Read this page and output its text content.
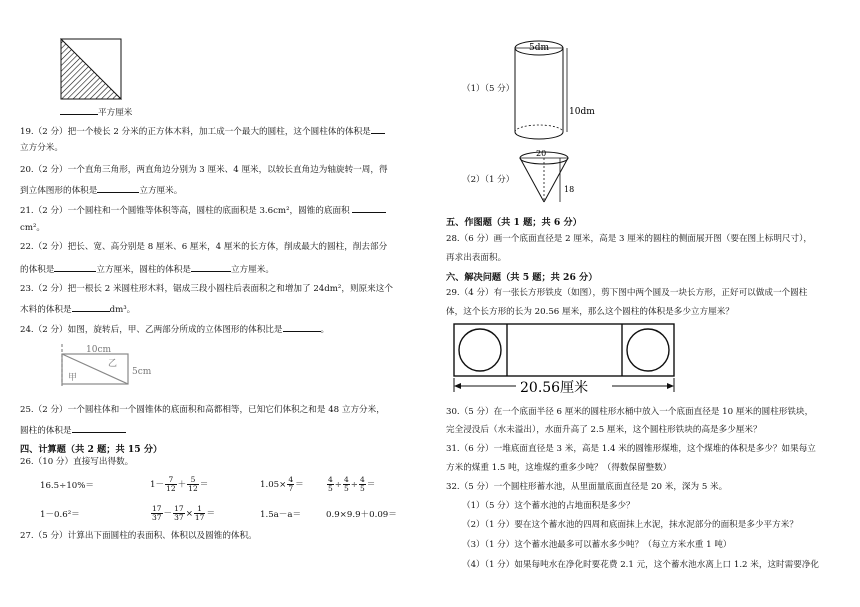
平方厘米
19.（2 分）把一个棱长 2 分米的正方体木料，加工成一个最大的圆柱，这个圆柱体的体积是
立方分米。
20.（2 分）一个直角三角形，两直角边分别为 3 厘米、4 厘米，以较长直角边为轴旋转一周，得
到立体图形的体积是	立方厘米。
21.（2 分）一个圆柱和一个圆锥等体积等高，圆柱的底面积是 3.6cm²，圆锥的底面积
cm²。
22.（2 分）把长、宽、高分别是 8 厘米、6 厘米，4 厘米的长方体，削成最大的圆柱，削去部分
的体积是	立方厘米，圆柱的体积是	立方厘米。
23.（2 分）把一根长 2 米圆柱形木料，锯成三段小圆柱后表面积之和增加了 24dm²，则原来这个
木料的体积是	dm³。
24.（2 分）如图，旋转后，甲、乙两部分所成的立体图形的体积比是	。
10cm
5cm
甲
乙
25.（2 分）一个圆柱体和一个圆锥体的底面积和高都相等，已知它们体积之和是 48 立方分米，
圆柱的体积是
四、计算题（共 2 题；共 15 分）
26.（10 分）直接写出得数。
16.5÷10%＝	$1- \frac{7}{12} + \frac{5}{12}$ ＝	$1.05\times \frac{4}{7}$ ＝	$\frac{4}{5} \div \frac{4}{5} \div \frac{4}{5}$ ＝
1－0.6²＝	$\frac{17}{37} - \frac{17}{37} \times \frac{1}{17}$ ＝	1.5a－a＝	0.9×9.9＋0.09＝
27.（5 分）计算出下面圆柱的表面积、体积以及圆锥的体积。
（1）（5 分）
5dm
10dm
（2）（1 分）
20
18
五、作图题（共 1 题；共 6 分）
28.（6 分）画一个底面直径是 2 厘米，高是 3 厘米的圆柱的侧面展开图（要在图上标明尺寸），
再求出表面积。
六、解决问题（共 5 题；共 26 分）
29.（4 分）有一张长方形铁皮（如图），剪下图中两个圆及一块长方形，正好可以做成一个圆柱
体，这个长方形的长为 20.56 厘米，那么这个圆柱的体积是多少立方厘米？
20.56厘米
30.（5 分）在一个底面半径 6 厘米的圆柱形水桶中放入一个底面直径是 10 厘米的圆柱形铁块，
完全浸没后（水未溢出），水面升高了 2.5 厘米，这个圆柱形铁块的高是多少厘米？
31.（6 分）一堆底面直径是 3 米，高是 1.4 米的圆锥形煤堆，这个煤堆的体积是多少？如果每立
方米的煤重 1.5 吨，这堆煤约重多少吨？（得数保留整数）
32.（5 分）一个圆柱形蓄水池，从里面量底面直径是 20 米，深为 5 米。
（1）（5 分）这个蓄水池的占地面积是多少？
（2）（1 分）要在这个蓄水池的四周和底面抹上水泥，抹水泥部分的面积是多少平方米？
（3）（1 分）这个蓄水池最多可以蓄水多少吨？（每立方米水重 1 吨）
（4）（1 分）如果每吨水在净化时要花费 2.1 元，这个蓄水池水离上口 1.2 米，这时需要净化
